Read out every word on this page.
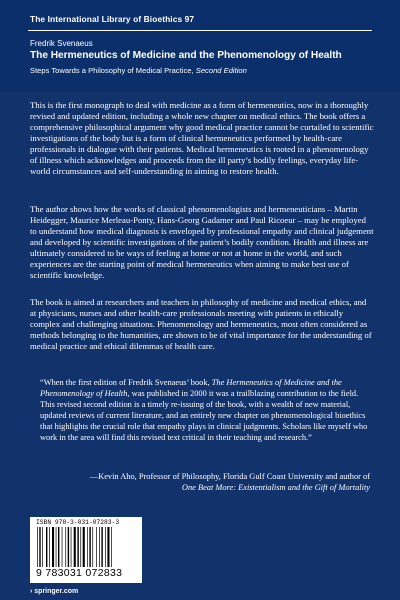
The International Library of Bioethics 97
Fredrik Svenaeus
The Hermeneutics of Medicine and the Phenomenology of Health
Steps Towards a Philosophy of Medical Practice, Second Edition

This is the first monograph to deal with medicine as a form of hermeneutics, now in a thoroughly revised and updated edition, including a whole new chapter on medical ethics. The book offers a comprehensive philosophical argument why good medical practice cannot be curtailed to scientific investigations of the body but is a form of clinical hermeneutics performed by health-care professionals in dialogue with their patients. Medical hermeneutics is rooted in a phenomenology of illness which acknowledges and proceeds from the ill party’s bodily feelings, everyday life-world circumstances and self-understanding in aiming to restore health.

The author shows how the works of classical phenomenologists and hermeneuticians – Martin Heidegger, Maurice Merleau-Ponty, Hans-Georg Gadamer and Paul Ricoeur – may be employed to understand how medical diagnosis is enveloped by professional empathy and clinical judgement and developed by scientific investigations of the patient’s bodily condition. Health and illness are ultimately considered to be ways of feeling at home or not at home in the world, and such experiences are the starting point of medical hermeneutics when aiming to make best use of scientific knowledge.

The book is aimed at researchers and teachers in philosophy of medicine and medical ethics, and at physicians, nurses and other health-care professionals meeting with patients in ethically complex and challenging situations. Phenomenology and hermeneutics, most often considered as methods belonging to the humanities, are shown to be of vital importance for the understanding of medical practice and ethical dilemmas of health care.

“When the first edition of Fredrik Svenaeus’ book, The Hermeneutics of Medicine and the Phenomenology of Health, was published in 2000 it was a trailblazing contribution to the field. This revised second edition is a timely re-issuing of the book, with a wealth of new material, updated reviews of current literature, and an entirely new chapter on phenomenological bioethics that highlights the crucial role that empathy plays in clinical judgments. Scholars like myself who work in the area will find this revised text critical in their teaching and research.”

—Kevin Aho, Professor of Philosophy, Florida Gulf Coast University and author of
One Beat More: Existentialism and the Gift of Mortality
ISBN 978-3-031-07283-3
9 783031 072833
› springer.com
